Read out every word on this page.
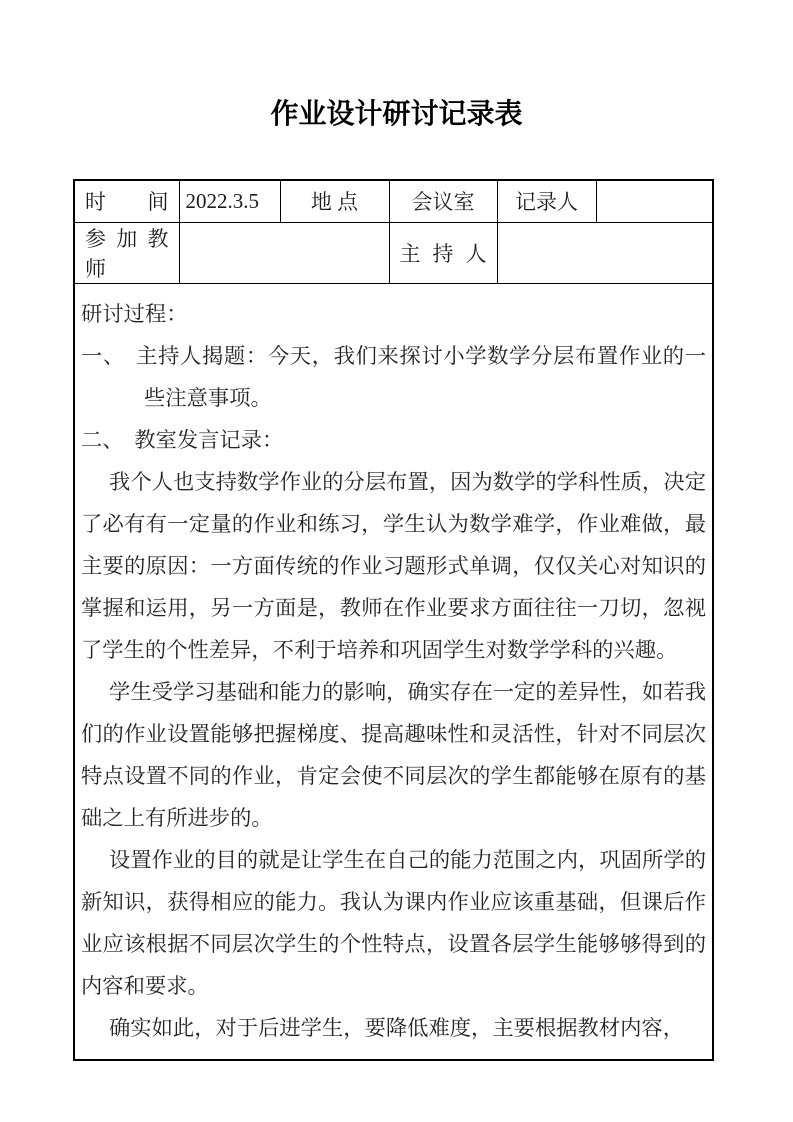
作业设计研讨记录表
时间	2022.3.5	地 点	会议室	记录人	
参加教师			主持人		

研讨过程：

一、　主持人揭题：今天，我们来探讨小学数学分层布置作业的一些注意事项。

二、　教室发言记录：

我个人也支持数学作业的分层布置，因为数学的学科性质，决定了必有有一定量的作业和练习，学生认为数学难学，作业难做，最主要的原因：一方面传统的作业习题形式单调，仅仅关心对知识的掌握和运用，另一方面是，教师在作业要求方面往往一刀切，忽视了学生的个性差异，不利于培养和巩固学生对数学学科的兴趣。

学生受学习基础和能力的影响，确实存在一定的差异性，如若我们的作业设置能够把握梯度、提高趣味性和灵活性，针对不同层次特点设置不同的作业，肯定会使不同层次的学生都能够在原有的基础之上有所进步的。

设置作业的目的就是让学生在自己的能力范围之内，巩固所学的新知识，获得相应的能力。我认为课内作业应该重基础，但课后作业应该根据不同层次学生的个性特点，设置各层学生能够够得到的内容和要求。

确实如此，对于后进学生，要降低难度，主要根据教材内容，
